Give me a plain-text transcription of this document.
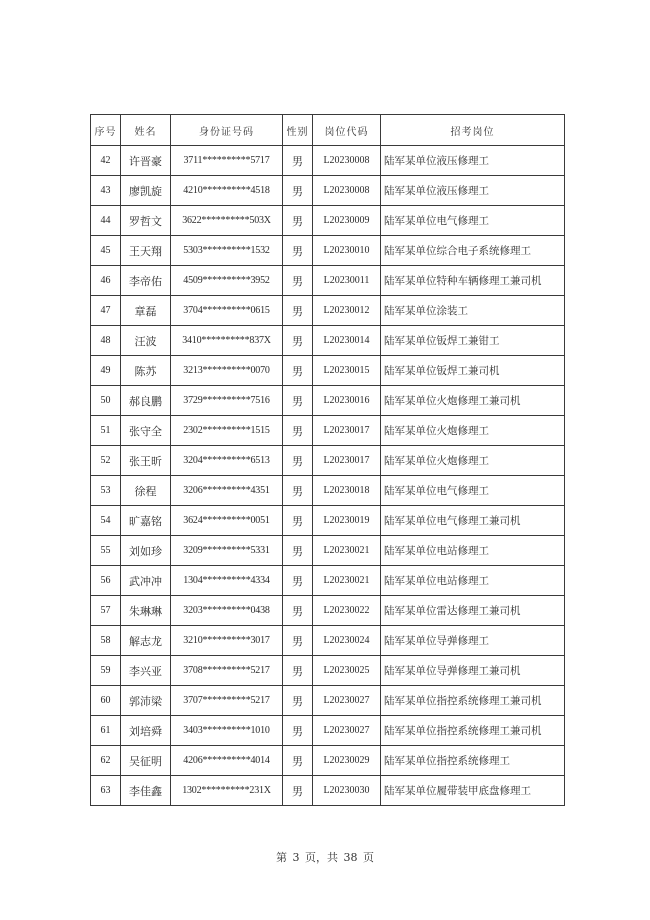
序号	姓名	身份证号码	性别	岗位代码	招考岗位
42	许晋豪	3711**********5717	男	L20230008	陆军某单位液压修理工
43	廖凯旋	4210**********4518	男	L20230008	陆军某单位液压修理工
44	罗哲文	3622**********503X	男	L20230009	陆军某单位电气修理工
45	王天翔	5303**********1532	男	L20230010	陆军某单位综合电子系统修理工
46	李帝佑	4509**********3952	男	L20230011	陆军某单位特种车辆修理工兼司机
47	章磊	3704**********0615	男	L20230012	陆军某单位涂装工
48	汪波	3410**********837X	男	L20230014	陆军某单位钣焊工兼钳工
49	陈苏	3213**********0070	男	L20230015	陆军某单位钣焊工兼司机
50	郝良鹏	3729**********7516	男	L20230016	陆军某单位火炮修理工兼司机
51	张守全	2302**********1515	男	L20230017	陆军某单位火炮修理工
52	张王昕	3204**********6513	男	L20230017	陆军某单位火炮修理工
53	徐程	3206**********4351	男	L20230018	陆军某单位电气修理工
54	旷嘉铭	3624**********0051	男	L20230019	陆军某单位电气修理工兼司机
55	刘如珍	3209**********5331	男	L20230021	陆军某单位电站修理工
56	武冲冲	1304**********4334	男	L20230021	陆军某单位电站修理工
57	朱琳琳	3203**********0438	男	L20230022	陆军某单位雷达修理工兼司机
58	解志龙	3210**********3017	男	L20230024	陆军某单位导弹修理工
59	李兴亚	3708**********5217	男	L20230025	陆军某单位导弹修理工兼司机
60	郭沛梁	3707**********5217	男	L20230027	陆军某单位指控系统修理工兼司机
61	刘培舜	3403**********1010	男	L20230027	陆军某单位指控系统修理工兼司机
62	吴征明	4206**********4014	男	L20230029	陆军某单位指控系统修理工
63	李佳鑫	1302**********231X	男	L20230030	陆军某单位履带装甲底盘修理工
第 3 页，共 38 页
